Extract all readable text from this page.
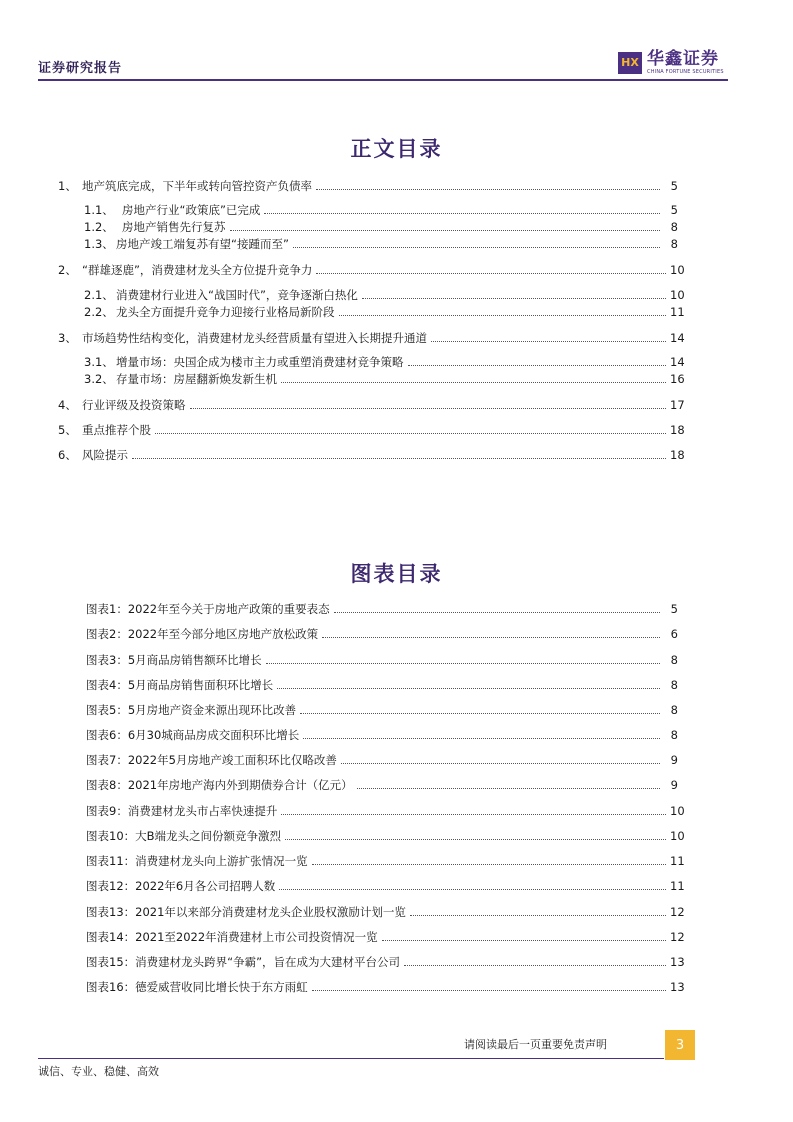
证券研究报告	HX 华鑫证券
CHINA FORTUNE SECURITIES
正文目录
1、 地产筑底完成，下半年或转向管控资产负债率	5
1.1、 房地产行业“政策底”已完成	5
1.2、 房地产销售先行复苏	8
1.3、 房地产竣工端复苏有望“接踵而至”	8
2、 “群雄逐鹿”，消费建材龙头全方位提升竞争力	10
2.1、 消费建材行业进入“战国时代”，竞争逐渐白热化	10
2.2、 龙头全方面提升竞争力迎接行业格局新阶段	11
3、 市场趋势性结构变化，消费建材龙头经营质量有望进入长期提升通道	14
3.1、 增量市场：央国企成为楼市主力或重塑消费建材竞争策略	14
3.2、 存量市场：房屋翻新焕发新生机	16
4、 行业评级及投资策略	17
5、 重点推荐个股	18
6、 风险提示	18
图表目录
图表1：2022年至今关于房地产政策的重要表态	5
图表2：2022年至今部分地区房地产放松政策	6
图表3：5月商品房销售额环比增长	8
图表4：5月商品房销售面积环比增长	8
图表5：5月房地产资金来源出现环比改善	8
图表6：6月30城商品房成交面积环比增长	8
图表7：2022年5月房地产竣工面积环比仅略改善	9
图表8：2021年房地产海内外到期债券合计（亿元）	9
图表9：消费建材龙头市占率快速提升	10
图表10：大B端龙头之间份额竞争激烈	10
图表11：消费建材龙头向上游扩张情况一览	11
图表12：2022年6月各公司招聘人数	11
图表13：2021年以来部分消费建材龙头企业股权激励计划一览	12
图表14：2021至2022年消费建材上市公司投资情况一览	12
图表15：消费建材龙头跨界“争霸”，旨在成为大建材平台公司	13
图表16：德爱威营收同比增长快于东方雨虹	13
请阅读最后一页重要免责声明	3
诚信、专业、稳健、高效
